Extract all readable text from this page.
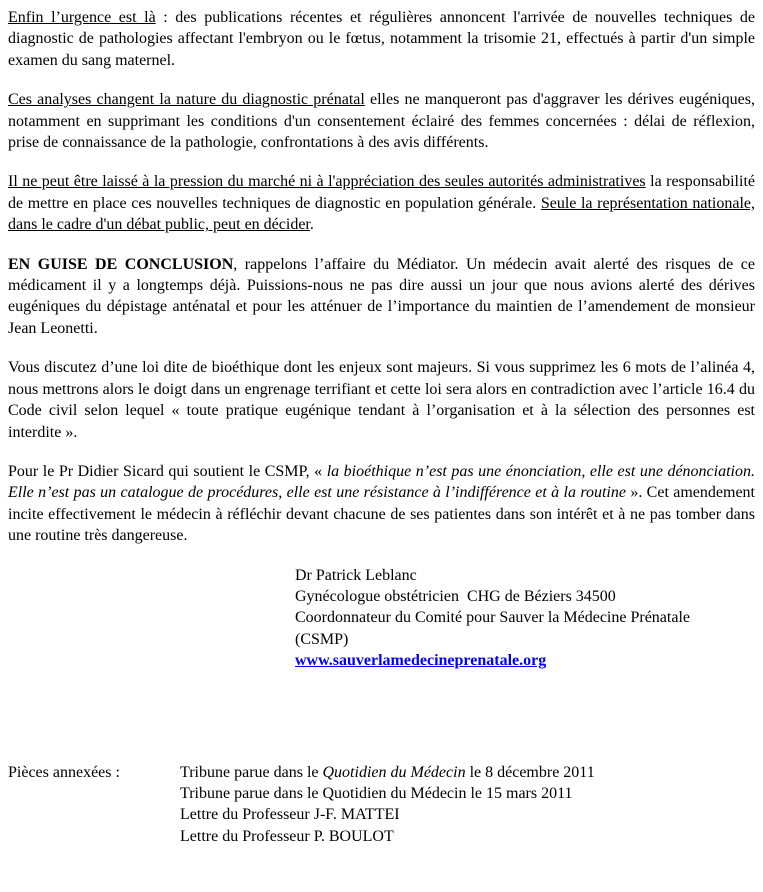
Enfin l’urgence est là : des publications récentes et régulières annoncent l'arrivée de nouvelles techniques de diagnostic de pathologies affectant l'embryon ou le fœtus, notamment la trisomie 21, effectués à partir d'un simple examen du sang maternel.

Ces analyses changent la nature du diagnostic prénatal elles ne manqueront pas d'aggraver les dérives eugéniques, notamment en supprimant les conditions d'un consentement éclairé des femmes concernées : délai de réflexion, prise de connaissance de la pathologie, confrontations à des avis différents.

Il ne peut être laissé à la pression du marché ni à l'appréciation des seules autorités administratives la responsabilité de mettre en place ces nouvelles techniques de diagnostic en population générale. Seule la représentation nationale, dans le cadre d'un débat public, peut en décider.

EN GUISE DE CONCLUSION, rappelons l’affaire du Médiator. Un médecin avait alerté des risques de ce médicament il y a longtemps déjà. Puissions-nous ne pas dire aussi un jour que nous avions alerté des dérives eugéniques du dépistage anténatal et pour les atténuer de l’importance du maintien de l’amendement de monsieur Jean Leonetti.

Vous discutez d’une loi dite de bioéthique dont les enjeux sont majeurs. Si vous supprimez les 6 mots de l’alinéa 4, nous mettrons alors le doigt dans un engrenage terrifiant et cette loi sera alors en contradiction avec l’article 16.4 du Code civil selon lequel « toute pratique eugénique tendant à l’organisation et à la sélection des personnes est interdite ».

Pour le Pr Didier Sicard qui soutient le CSMP, « la bioéthique n’est pas une énonciation, elle est une dénonciation. Elle n’est pas un catalogue de procédures, elle est une résistance à l’indifférence et à la routine ». Cet amendement incite effectivement le médecin à réfléchir devant chacune de ses patientes dans son intérêt et à ne pas tomber dans une routine très dangereuse.

Dr Patrick Leblanc
Gynécologue obstétricien  CHG de Béziers 34500
Coordonnateur du Comité pour Sauver la Médecine Prénatale
(CSMP)
www.sauverlamedecineprenatale.org
Pièces annexées :	Tribune parue dans le Quotidien du Médecin le 8 décembre 2011
Tribune parue dans le Quotidien du Médecin le 15 mars 2011
Lettre du Professeur J-F. MATTEI
Lettre du Professeur P. BOULOT
